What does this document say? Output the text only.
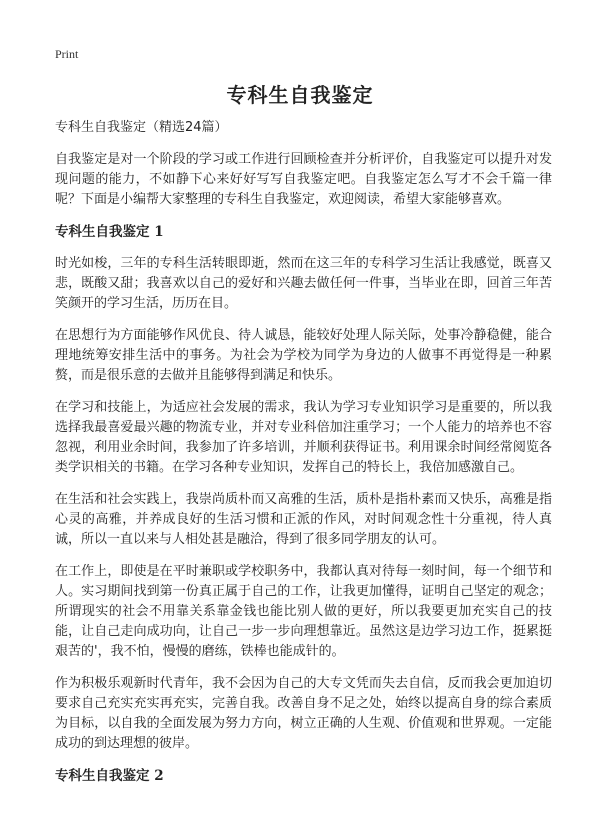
Print
专科生自我鉴定

专科生自我鉴定（精选24篇）

自我鉴定是对一个阶段的学习或工作进行回顾检查并分析评价，自我鉴定可以提升对发现问题的能力，不如静下心来好好写写自我鉴定吧。自我鉴定怎么写才不会千篇一律呢？下面是小编帮大家整理的专科生自我鉴定，欢迎阅读，希望大家能够喜欢。

专科生自我鉴定 1

时光如梭，三年的专科生活转眼即逝，然而在这三年的专科学习生活让我感觉，既喜又悲，既酸又甜；我喜欢以自己的爱好和兴趣去做任何一件事，当毕业在即，回首三年苦笑颜开的学习生活，历历在目。

在思想行为方面能够作风优良、待人诚恳，能较好处理人际关际，处事冷静稳健，能合理地统筹安排生活中的事务。为社会为学校为同学为身边的人做事不再觉得是一种累赘，而是很乐意的去做并且能够得到满足和快乐。

在学习和技能上，为适应社会发展的需求，我认为学习专业知识学习是重要的，所以我选择我最喜爱最兴趣的物流专业，并对专业科倍加注重学习；一个人能力的培养也不容忽视，利用业余时间，我参加了许多培训，并顺利获得证书。利用课余时间经常阅览各类学识相关的书籍。在学习各种专业知识，发挥自己的特长上，我倍加感激自己。

在生活和社会实践上，我崇尚质朴而又高雅的生活，质朴是指朴素而又快乐，高雅是指心灵的高雅，并养成良好的生活习惯和正派的作风，对时间观念性十分重视，待人真诚，所以一直以来与人相处甚是融洽，得到了很多同学朋友的认可。

在工作上，即使是在平时兼职或学校职务中，我都认真对待每一刻时间，每一个细节和人。实习期间找到第一份真正属于自己的工作，让我更加懂得，证明自己坚定的观念；所谓现实的社会不用靠关系靠金钱也能比别人做的更好，所以我要更加充实自己的技能，让自己走向成功向，让自己一步一步向理想靠近。虽然这是边学习边工作，挺累挺艰苦的'，我不怕，慢慢的磨练，铁棒也能成针的。

作为积极乐观新时代青年，我不会因为自己的大专文凭而失去自信，反而我会更加迫切要求自己充实充实再充实，完善自我。改善自身不足之处，始终以提高自身的综合素质为目标，以自我的全面发展为努力方向，树立正确的人生观、价值观和世界观。一定能成功的到达理想的彼岸。

专科生自我鉴定 2
